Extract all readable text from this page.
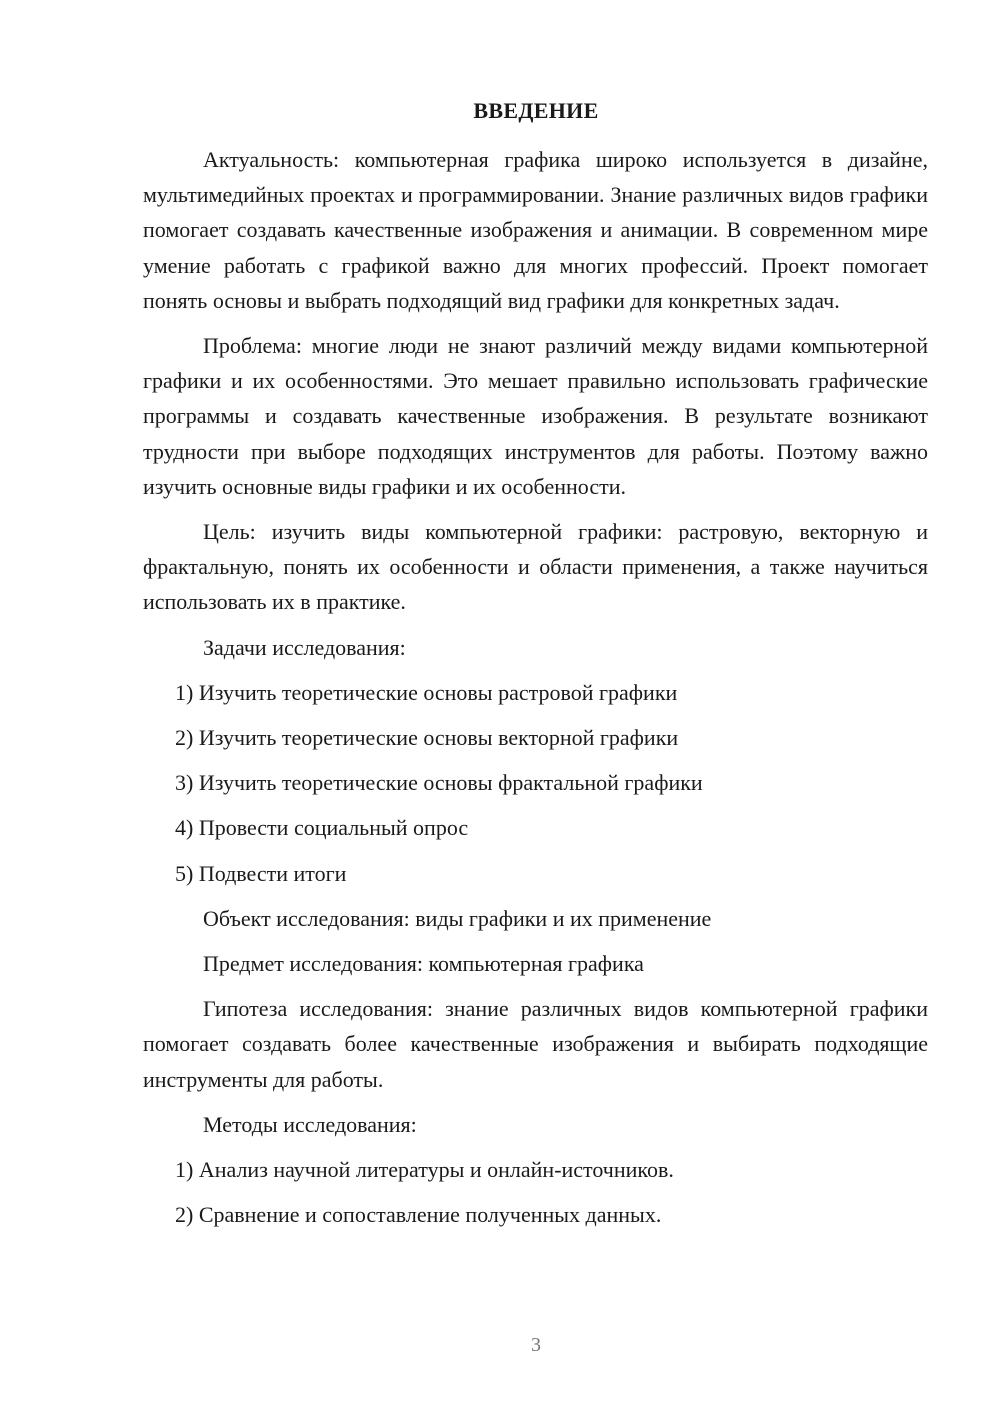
ВВЕДЕНИЕ

Актуальность: компьютерная графика широко используется в дизайне, мультимедийных проектах и программировании. Знание различных видов графики помогает создавать качественные изображения и анимации. В современном мире умение работать с графикой важно для многих профессий. Проект помогает понять основы и выбрать подходящий вид графики для конкретных задач.

Проблема: многие люди не знают различий между видами компьютерной графики и их особенностями. Это мешает правильно использовать графические программы и создавать качественные изображения. В результате возникают трудности при выборе подходящих инструментов для работы. Поэтому важно изучить основные виды графики и их особенности.

Цель: изучить виды компьютерной графики: растровую, векторную и фрактальную, понять их особенности и области применения, а также научиться использовать их в практике.

Задачи исследования:

1) Изучить теоретические основы растровой графики

2) Изучить теоретические основы векторной графики

3) Изучить теоретические основы фрактальной графики

4) Провести социальный опрос

5) Подвести итоги

Объект исследования: виды графики и их применение

Предмет исследования: компьютерная графика

Гипотеза исследования: знание различных видов компьютерной графики помогает создавать более качественные изображения и выбирать подходящие инструменты для работы.

Методы исследования:

1) Анализ научной литературы и онлайн-источников.

2) Сравнение и сопоставление полученных данных.

3
